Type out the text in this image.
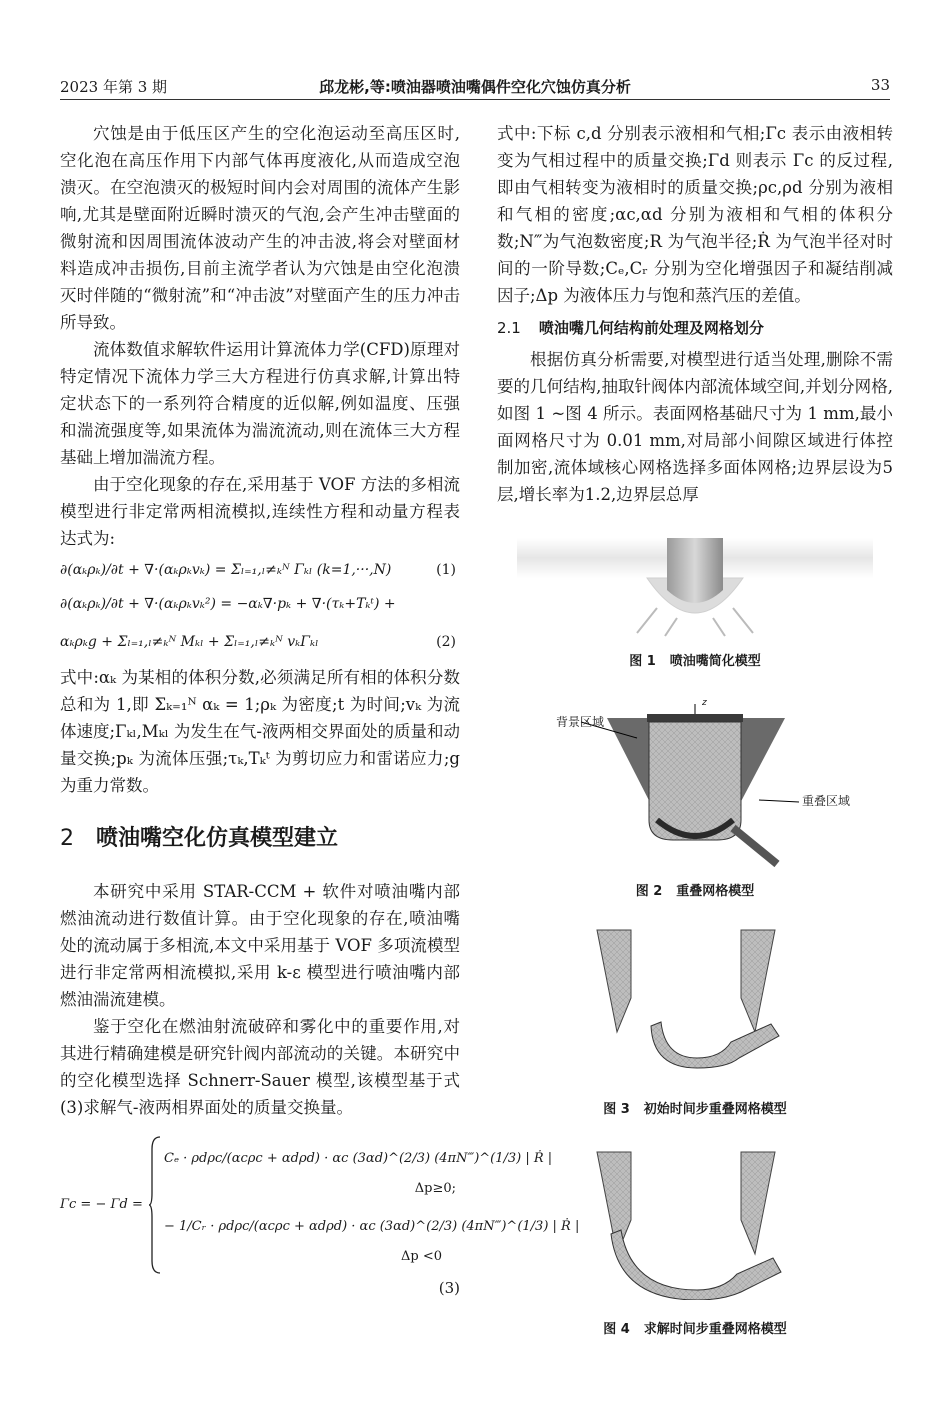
2023 年第 3 期	邱龙彬,等:喷油器喷油嘴偶件空化穴蚀仿真分析	33

穴蚀是由于低压区产生的空化泡运动至高压区时,空化泡在高压作用下内部气体再度液化,从而造成空泡溃灭。在空泡溃灭的极短时间内会对周围的流体产生影响,尤其是壁面附近瞬时溃灭的气泡,会产生冲击壁面的微射流和因周围流体波动产生的冲击波,将会对壁面材料造成冲击损伤,目前主流学者认为穴蚀是由空化泡溃灭时伴随的“微射流”和“冲击波”对壁面产生的压力冲击所导致。

流体数值求解软件运用计算流体力学(CFD)原理对特定情况下流体力学三大方程进行仿真求解,计算出特定状态下的一系列符合精度的近似解,例如温度、压强和湍流强度等,如果流体为湍流流动,则在流体三大方程基础上增加湍流方程。

由于空化现象的存在,采用基于 VOF 方法的多相流模型进行非定常两相流模拟,连续性方程和动量方程表达式为:

∂(αₖρₖ)/∂t + ∇·(αₖρₖvₖ) = Σₗ₌₁,ₗ≠ₖᴺ Γₖₗ (k=1,···,N)	(1)
∂(αₖρₖ)/∂t + ∇·(αₖρₖvₖ²) = −αₖ∇·pₖ + ∇·(τₖ+Tₖᵗ) +
αₖρₖg + Σₗ₌₁,ₗ≠ₖᴺ Mₖₗ + Σₗ₌₁,ₗ≠ₖᴺ vₖΓₖₗ	(2)

式中:αₖ 为某相的体积分数,必须满足所有相的体积分数总和为 1,即 Σₖ₌₁ᴺ αₖ = 1;ρₖ 为密度;t 为时间;vₖ 为流体速度;Γₖₗ,Mₖₗ 为发生在气-液两相交界面处的质量和动量交换;pₖ 为流体压强;τₖ,Tₖᵗ 为剪切应力和雷诺应力;g 为重力常数。

2 喷油嘴空化仿真模型建立

本研究中采用 STAR-CCM + 软件对喷油嘴内部燃油流动进行数值计算。由于空化现象的存在,喷油嘴处的流动属于多相流,本文中采用基于 VOF 多项流模型进行非定常两相流模拟,采用 k-ε 模型进行喷油嘴内部燃油湍流建模。

鉴于空化在燃油射流破碎和雾化中的重要作用,对其进行精确建模是研究针阀内部流动的关键。本研究中的空化模型选择 Schnerr-Sauer 模型,该模型基于式(3)求解气-液两相界面处的质量交换量。

Γc = − Γd =
Cₑ · ρdρc/(αcρc + αdρd) · αc (3αd)^(2/3) (4πN‴)^(1/3) | Ṙ |
Δp≥0;
− 1/Cᵣ · ρdρc/(αcρc + αdρd) · αc (3αd)^(2/3) (4πN‴)^(1/3) | Ṙ |
Δp <0
(3)

式中:下标 c,d 分别表示液相和气相;Γc 表示由液相转变为气相过程中的质量交换;Γd 则表示 Γc 的反过程,即由气相转变为液相时的质量交换;ρc,ρd 分别为液相和气相的密度;αc,αd 分别为液相和气相的体积分数;N‴为气泡数密度;R 为气泡半径;Ṙ 为气泡半径对时间的一阶导数;Cₑ,Cᵣ 分别为空化增强因子和凝结削减因子;Δp 为液体压力与饱和蒸汽压的差值。

2.1 喷油嘴几何结构前处理及网格划分

根据仿真分析需要,对模型进行适当处理,删除不需要的几何结构,抽取针阀体内部流体域空间,并划分网格,如图 1 ~图 4 所示。表面网格基础尺寸为 1 mm,最小面网格尺寸为 0.01 mm,对局部小间隙区域进行体控制加密,流体域核心网格选择多面体网格;边界层设为5层,增长率为1.2,边界层总厚

图 1 喷油嘴简化模型
背景区域
重叠区域
z
图 2 重叠网格模型
图 3 初始时间步重叠网格模型
图 4 求解时间步重叠网格模型
